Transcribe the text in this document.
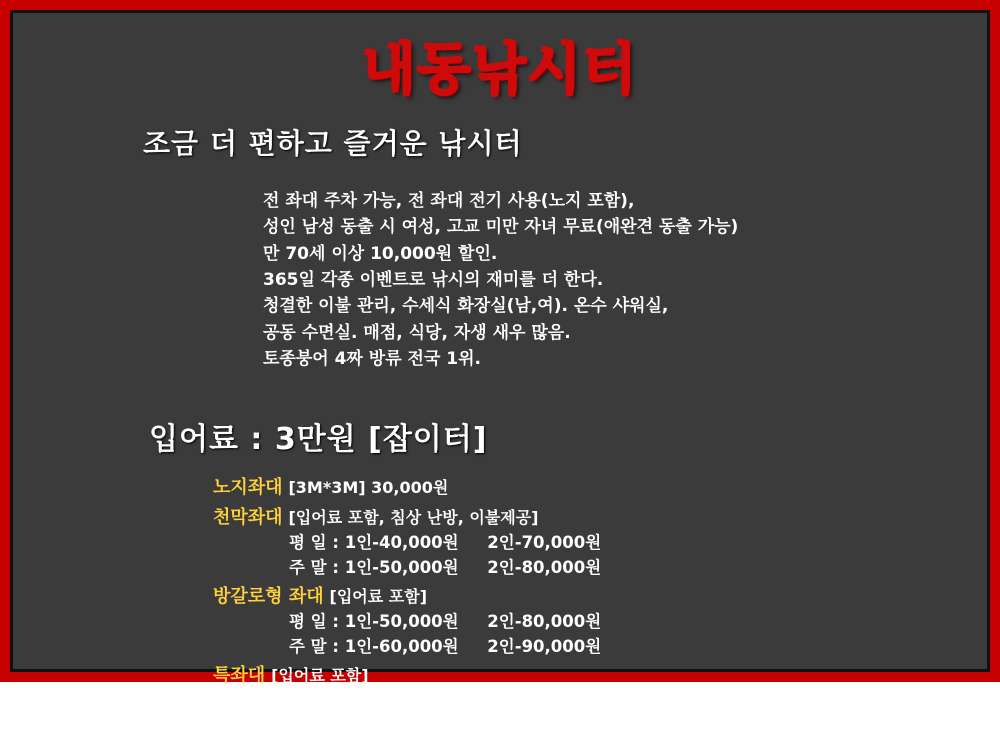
내동낚시터
조금 더 편하고 즐거운 낚시터
전 좌대 주차 가능, 전 좌대 전기 사용(노지 포함),
성인 남성 동출 시 여성, 고교 미만 자녀 무료(애완견 동출 가능)
만 70세 이상 10,000원 할인.
365일 각종 이벤트로 낚시의 재미를 더 한다.
청결한 이불 관리, 수세식 화장실(남,여). 온수 샤워실,
공동 수면실. 매점, 식당, 자생 새우 많음.
토종붕어 4짜 방류 전국 1위.
입어료 : 3만원 [잡이터]
노지좌대 [3M*3M] 30,000원
천막좌대 [입어료 포함, 침상 난방, 이불제공]
평 일 : 1인-40,000원     2인-70,000원
주 말 : 1인-50,000원     2인-80,000원
방갈로형 좌대 [입어료 포함]
평 일 : 1인-50,000원     2인-80,000원
주 말 : 1인-60,000원     2인-90,000원
특좌대 [입어료 포함]
평 일 : 1인 사용시-100,000원   2인 이상 - 120,000원
주 말 : 150,000원[인원제한 없음, 낚시대 편성 제한 없음]
